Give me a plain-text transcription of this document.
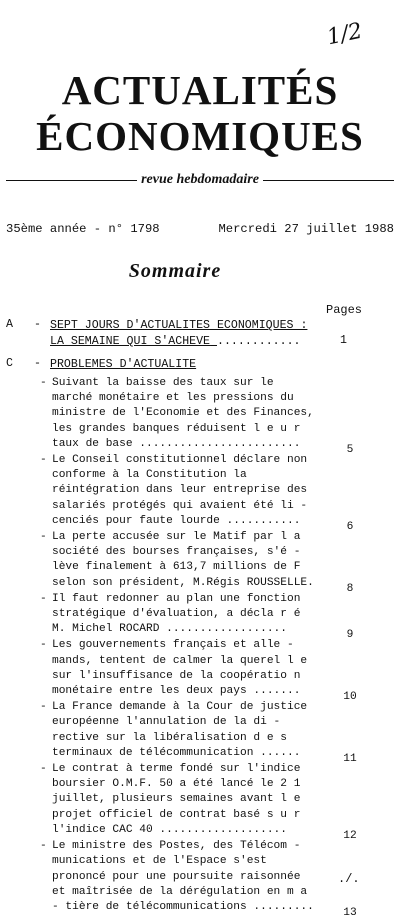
1/2
ACTUALITÉS
ÉCONOMIQUES
revue hebdomadaire
35ème année - n° 1798	Mercredi 27 juillet 1988
Sommaire
Pages
A - SEPT JOURS D'ACTUALITES ECONOMIQUES : LA SEMAINE QUI S'ACHEVE ............	1
C - PROBLEMES D'ACTUALITE
- Suivant la baisse des taux sur le marché monétaire et les pressions du ministre de l'Economie et des Finances, les grandes banques réduisent l e u r taux de base ........................	5
- Le Conseil constitutionnel déclare non conforme à la Constitution la réintégration dans leur entreprise des salariés protégés qui avaient été li - cenciés pour faute lourde ...........	6
- La perte accusée sur le Matif par l a société des bourses françaises, s'é - lève finalement à 613,7 millions de F selon son président, M.Régis ROUSSELLE.	8
- Il faut redonner au plan une fonction stratégique d'évaluation, a décla r é M. Michel ROCARD ..................	9
- Les gouvernements français et alle - mands, tentent de calmer la querel l e sur l'insuffisance de la coopératio n monétaire entre les deux pays .......	10
- La France demande à la Cour de justice européenne l'annulation de la di - rective sur la libéralisation d e s terminaux de télécommunication ......	11
- Le contrat à terme fondé sur l'indice boursier O.M.F. 50 a été lancé le 2 1 juillet, plusieurs semaines avant l e projet officiel de contrat basé s u r l'indice CAC 40 ...................	12
- Le ministre des Postes, des Télécom - munications et de l'Espace s'est prononcé pour une poursuite raisonnée et maîtrisée de la dérégulation en m a - tière de télécommunications .........	13
./.
